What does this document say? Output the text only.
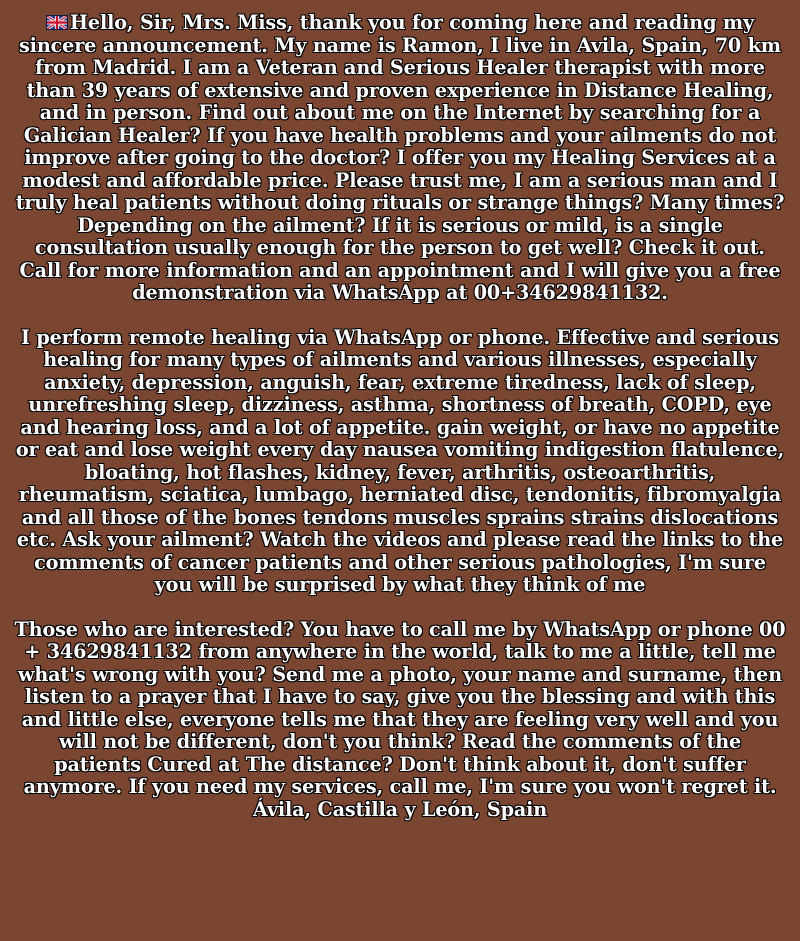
Hello, Sir, Mrs. Miss, thank you for coming here and reading my sincere announcement. My name is Ramon, I live in Avila, Spain, 70 km from Madrid. I am a Veteran and Serious Healer therapist with more than 39 years of extensive and proven experience in Distance Healing, and in person. Find out about me on the Internet by searching for a Galician Healer? If you have health problems and your ailments do not improve after going to the doctor? I offer you my Healing Services at a modest and affordable price. Please trust me, I am a serious man and I truly heal patients without doing rituals or strange things? Many times? Depending on the ailment? If it is serious or mild, is a single consultation usually enough for the person to get well? Check it out. Call for more information and an appointment and I will give you a free demonstration via WhatsApp at 00+34629841132.

I perform remote healing via WhatsApp or phone. Effective and serious healing for many types of ailments and various illnesses, especially anxiety, depression, anguish, fear, extreme tiredness, lack of sleep, unrefreshing sleep, dizziness, asthma, shortness of breath, COPD, eye and hearing loss, and a lot of appetite. gain weight, or have no appetite or eat and lose weight every day nausea vomiting indigestion flatulence, bloating, hot flashes, kidney, fever, arthritis, osteoarthritis, rheumatism, sciatica, lumbago, herniated disc, tendonitis, fibromyalgia and all those of the bones tendons muscles sprains strains dislocations etc. Ask your ailment? Watch the videos and please read the links to the comments of cancer patients and other serious pathologies, I'm sure you will be surprised by what they think of me

Those who are interested? You have to call me by WhatsApp or phone 00 + 34629841132 from anywhere in the world, talk to me a little, tell me what's wrong with you? Send me a photo, your name and surname, then listen to a prayer that I have to say, give you the blessing and with this and little else, everyone tells me that they are feeling very well and you will not be different, don't you think? Read the comments of the patients Cured at The distance? Don't think about it, don't suffer anymore. If you need my services, call me, I'm sure you won't regret it. Ávila, Castilla y León, Spain
